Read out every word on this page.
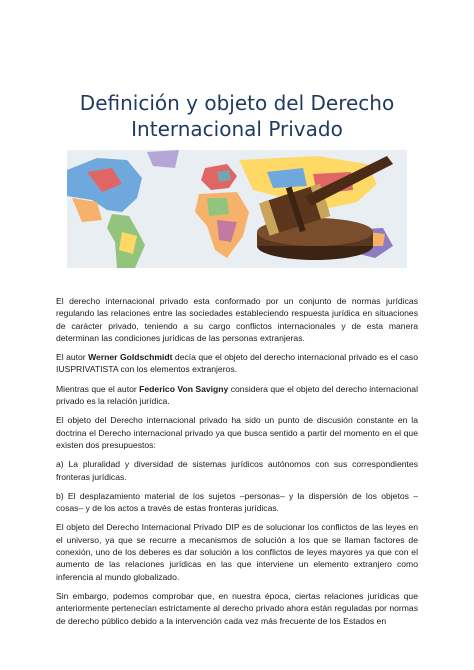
Definición y objeto del Derecho Internacional Privado

El derecho internacional privado esta conformado por un conjunto de normas jurídicas regulando las relaciones entre las sociedades estableciendo respuesta jurídica en situaciones de carácter privado, teniendo a su cargo conflictos internacionales y de esta manera determinan las condiciones jurídicas de las personas extranjeras.

El autor Werner Goldschmidt decía que el objeto del derecho internacional privado es el caso IUSPRIVATISTA con los elementos extranjeros.

Mientras que el autor Federico Von Savigny considera que el objeto del derecho internacional privado es la relación jurídica.

El objeto del Derecho internacional privado ha sido un punto de discusión constante en la doctrina el Derecho internacional privado ya que busca sentido a partir del momento en el que existen dos presupuestos:

a) La pluralidad y diversidad de sistemas jurídicos autónomos con sus correspondientes fronteras jurídicas.

b) El desplazamiento material de los sujetos –personas– y la dispersión de los objetos –cosas– y de los actos a través de estas fronteras jurídicas.

El objeto del Derecho Internacional Privado DIP es de solucionar los conflictos de las leyes en el universo, ya que se recurre a mecanismos de solución a los que se llaman factores de conexión, uno de los deberes es dar solución a los conflictos de leyes mayores ya que con el aumento de las relaciones jurídicas en las que interviene un elemento extranjero como inferencia al mundo globalizado.

Sin embargo, podemos comprobar que, en nuestra época, ciertas relaciones jurídicas que anteriormente pertenecían estrictamente al derecho privado ahora están reguladas por normas de derecho público debido a la intervención cada vez más frecuente de los Estados en
